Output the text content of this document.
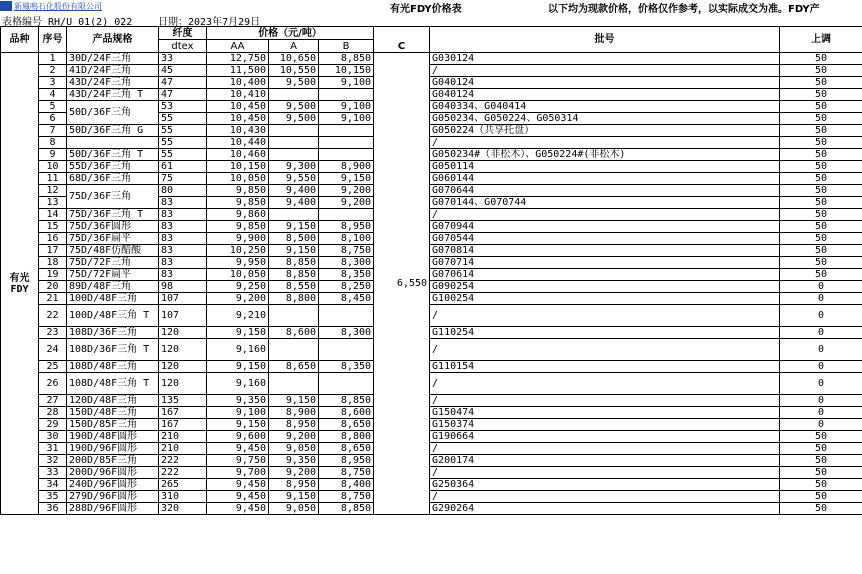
新鳳鳴石化股份有限公司	有光FDY价格表	以下均为现款价格，价格仅作参考，以实际成交为准。FDY产
表格编号 RH/U 01(2) 022	日期：2023年7月29日
品种	序号	产品规格	纤度	价格（元/吨）			C	批号	上调
			dtex	AA	A	B			
有光FDY	1	30D/24F三角	33	12,750	10,650	8,850	6,550	G030124	50
	2	41D/24F三角	45	11,500	10,550	10,150		/	50
	3	43D/24F三角	47	10,400	9,500	9,100		G040124	50
	4	43D/24F三角 T	47	10,410				G040124	50
	5	50D/36F三角	53	10,450	9,500	9,100		G040334、G040414	50
	6		55	10,450	9,500	9,100		G050234、G050224、G050314	50
	7	50D/36F三角 G	55	10,430				G050224（共享托盘）	50
	8		55	10,440				/	50
	9	50D/36F三角 T	55	10,460				G050234#（非松木）、G050224#(非松木)	50
	10	55D/36F三角	61	10,150	9,300	8,900		G050114	50
	11	68D/36F三角	75	10,050	9,550	9,150		G060144	50
	12	75D/36F三角	80	9,850	9,400	9,200		G070644	50
	13		83	9,850	9,400	9,200		G070144、G070744	50
	14	75D/36F三角 T	83	9,860				/	50
	15	75D/36F圆形	83	9,850	9,150	8,950		G070944	50
	16	75D/36F扁平	83	9,900	8,500	8,100		G070544	50
	17	75D/48F仿醋酸	83	10,250	9,150	8,750		G070814	50
	18	75D/72F三角	83	9,950	8,850	8,300		G070714	50
	19	75D/72F扁平	83	10,050	8,850	8,350		G070614	50
	20	89D/48F三角	98	9,250	8,550	8,250		G090254	0
	21	100D/48F三角	107	9,200	8,800	8,450		G100254	0
	22	100D/48F三角 T	107	9,210				/	0
	23	108D/36F三角	120	9,150	8,600	8,300		G110254	0
	24	108D/36F三角 T	120	9,160				/	0
	25	108D/48F三角	120	9,150	8,650	8,350		G110154	0
	26	108D/48F三角 T	120	9,160				/	0
	27	120D/48F三角	135	9,350	9,150	8,850		/	0
	28	150D/48F三角	167	9,100	8,900	8,600		G150474	0
	29	150D/85F三角	167	9,150	8,950	8,650		G150374	0
	30	190D/48F圆形	210	9,600	9,200	8,800		G190664	50
	31	190D/96F圆形	210	9,450	9,050	8,650		/	50
	32	200D/85F三角	222	9,750	9,350	8,950		G200174	50
	33	200D/96F圆形	222	9,700	9,200	8,750		/	50
	34	240D/96F圆形	265	9,450	8,950	8,400		G250364	50
	35	279D/96F圆形	310	9,450	9,150	8,750		/	50
	36	288D/96F圆形	320	9,450	9,050	8,850		G290264	50
